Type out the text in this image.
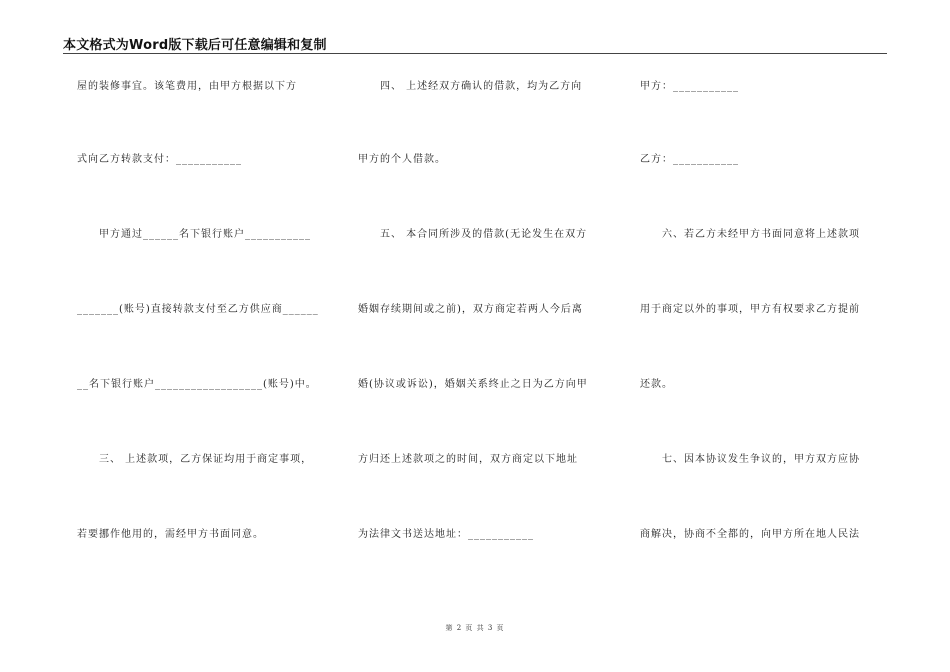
本文格式为Word版下载后可任意编辑和复制
屋的装修事宜。该笔费用，由甲方根据以下方
式向乙方转款支付：___________
　　甲方通过______名下银行账户___________
_______(账号)直接转款支付至乙方供应商______
__名下银行账户__________________(账号)中。
　　三、 上述款项，乙方保证均用于商定事项，
若要挪作他用的，需经甲方书面同意。
　　四、 上述经双方确认的借款，均为乙方向
甲方的个人借款。
　　五、 本合同所涉及的借款(无论发生在双方
婚姻存续期间或之前)，双方商定若两人今后离
婚(协议或诉讼)，婚姻关系终止之日为乙方向甲
方归还上述款项之的时间，双方商定以下地址
为法律文书送达地址：___________
甲方：___________
乙方：___________
　　六、若乙方未经甲方书面同意将上述款项
用于商定以外的事项，甲方有权要求乙方提前
还款。
　　七、因本协议发生争议的，甲方双方应协
商解决，协商不全都的，向甲方所在地人民法
第 2 页 共 3 页
